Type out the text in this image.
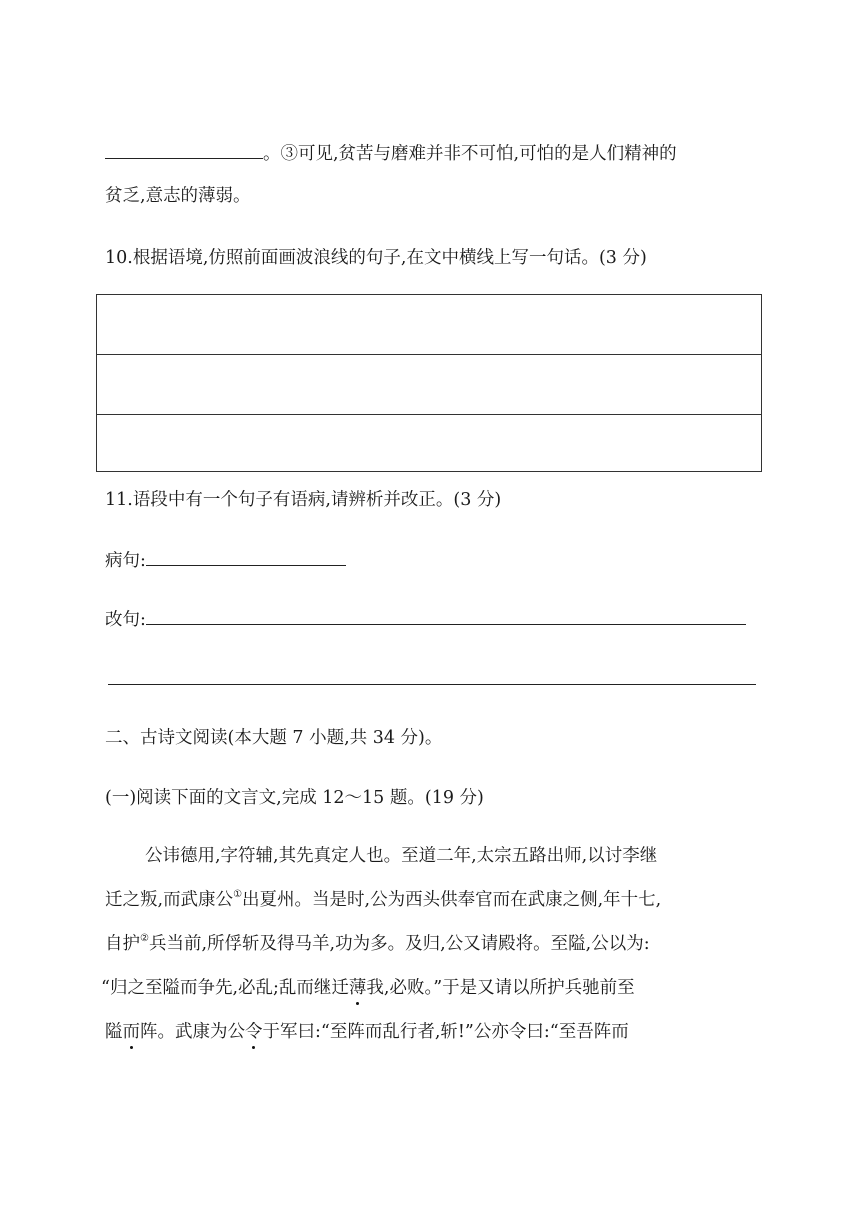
。③可见,贫苦与磨难并非不可怕,可怕的是人们精神的
贫乏,意志的薄弱。
10.根据语境,仿照前面画波浪线的句子,在文中横线上写一句话。(3 分)
11.语段中有一个句子有语病,请辨析并改正。(3 分)
病句:
改句:
二、古诗文阅读(本大题 7 小题,共 34 分)。
(一)阅读下面的文言文,完成 12～15 题。(19 分)
公讳德用,字符辅,其先真定人也。至道二年,太宗五路出师,以讨李继
迁之叛,而武康公①出夏州。当是时,公为西头供奉官而在武康之侧,年十七,
自护②兵当前,所俘斩及得马羊,功为多。及归,公又请殿将。至隘,公以为:
“归之至隘而争先,必乱;乱而继迁薄我,必败。”于是又请以所护兵驰前至
隘而阵。武康为公令于军曰:“至阵而乱行者,斩!”公亦令曰:“至吾阵而
